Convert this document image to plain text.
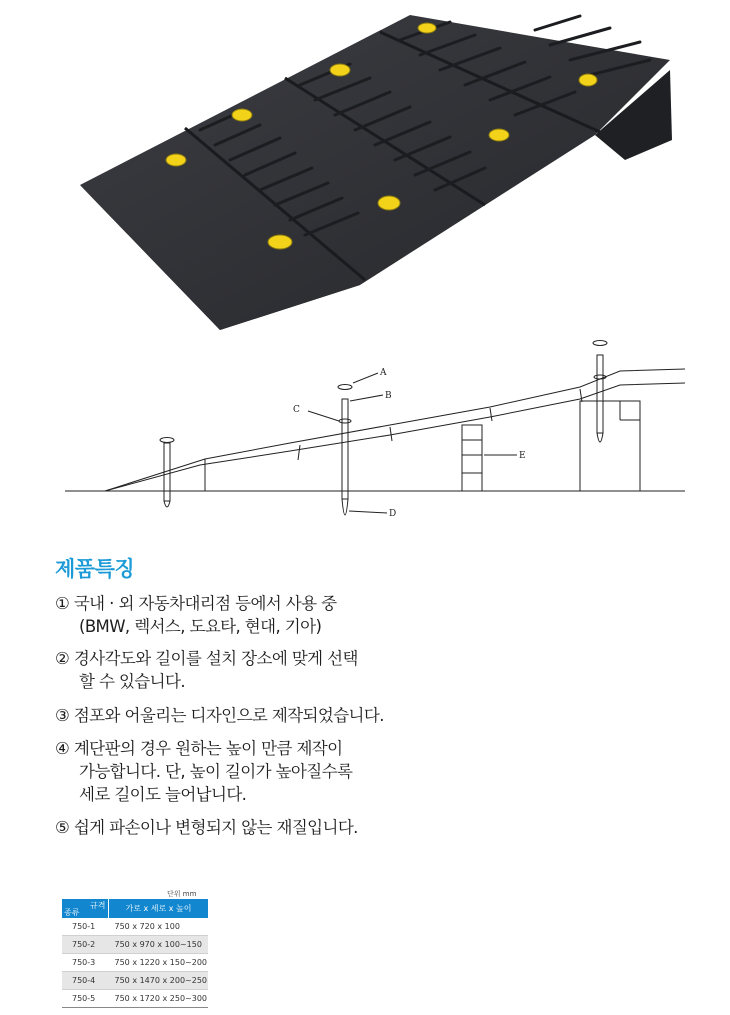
A
B
C
D
E
제품특징
① 국내 · 외 자동차대리점 등에서 사용 중
(BMW, 렉서스, 도요타, 현대, 기아)
② 경사각도와 길이를 설치 장소에 맞게 선택
할 수 있습니다.
③ 점포와 어울리는 디자인으로 제작되었습니다.
④ 계단판의 경우 원하는 높이 만큼 제작이
가능합니다. 단, 높이 길이가 높아질수록
세로 길이도 늘어납니다.
⑤ 쉽게 파손이나 변형되지 않는 재질입니다.
단위 mm
규격
종류	가로 x 세로 x 높이
750-1	750 x 720 x 100
750-2	750 x 970 x 100~150
750-3	750 x 1220 x 150~200
750-4	750 x 1470 x 200~250
750-5	750 x 1720 x 250~300
